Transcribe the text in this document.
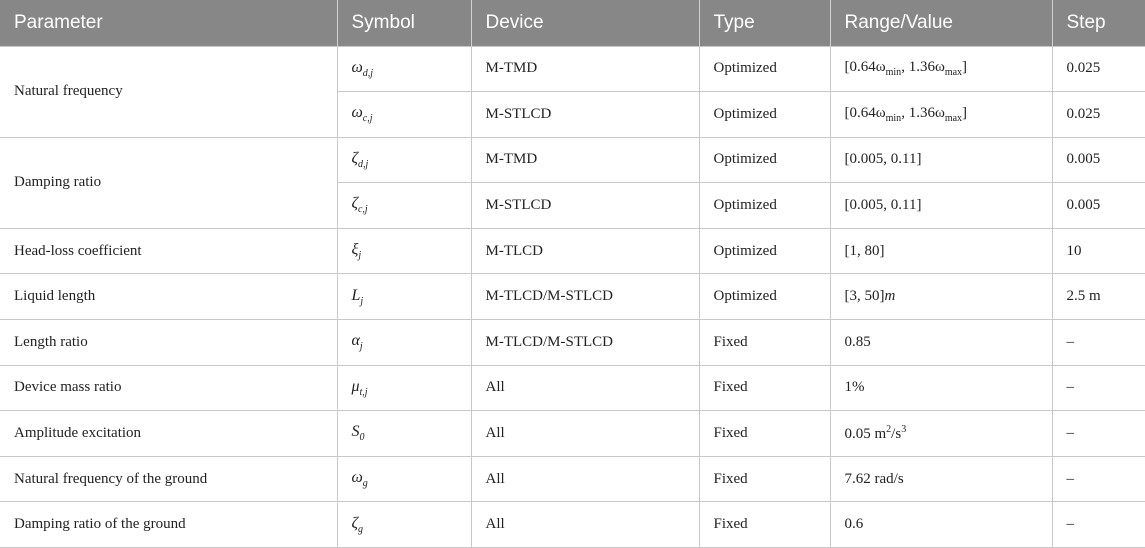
Parameter	Symbol	Device	Type	Range/Value	Step
Natural frequency	$\omega_{d,j}$	M-TMD	Optimized	[$0.64\omega_{min}$, $1.36\omega_{max}$]	0.025
	$\omega_{c,j}$	M-STLCD	Optimized	[$0.64\omega_{min}$, $1.36\omega_{max}$]	0.025
Damping ratio	$\zeta_{d,j}$	M-TMD	Optimized	[0.005, 0.11]	0.005
	$\zeta_{c,j}$	M-STLCD	Optimized	[0.005, 0.11]	0.005
Head-loss coefficient	$\xi_j$	M-TLCD	Optimized	[1, 80]	10
Liquid length	$L_j$	M-TLCD/M-STLCD	Optimized	[3, 50]m	2.5 m
Length ratio	$\alpha_j$	M-TLCD/M-STLCD	Fixed	0.85	–
Device mass ratio	$\mu_{t,j}$	All	Fixed	1%	–
Amplitude excitation	$S_0$	All	Fixed	0.05 $m^2/s^3$	–
Natural frequency of the ground	$\omega_g$	All	Fixed	7.62 rad/s	–
Damping ratio of the ground	$\zeta_g$	All	Fixed	0.6	–
